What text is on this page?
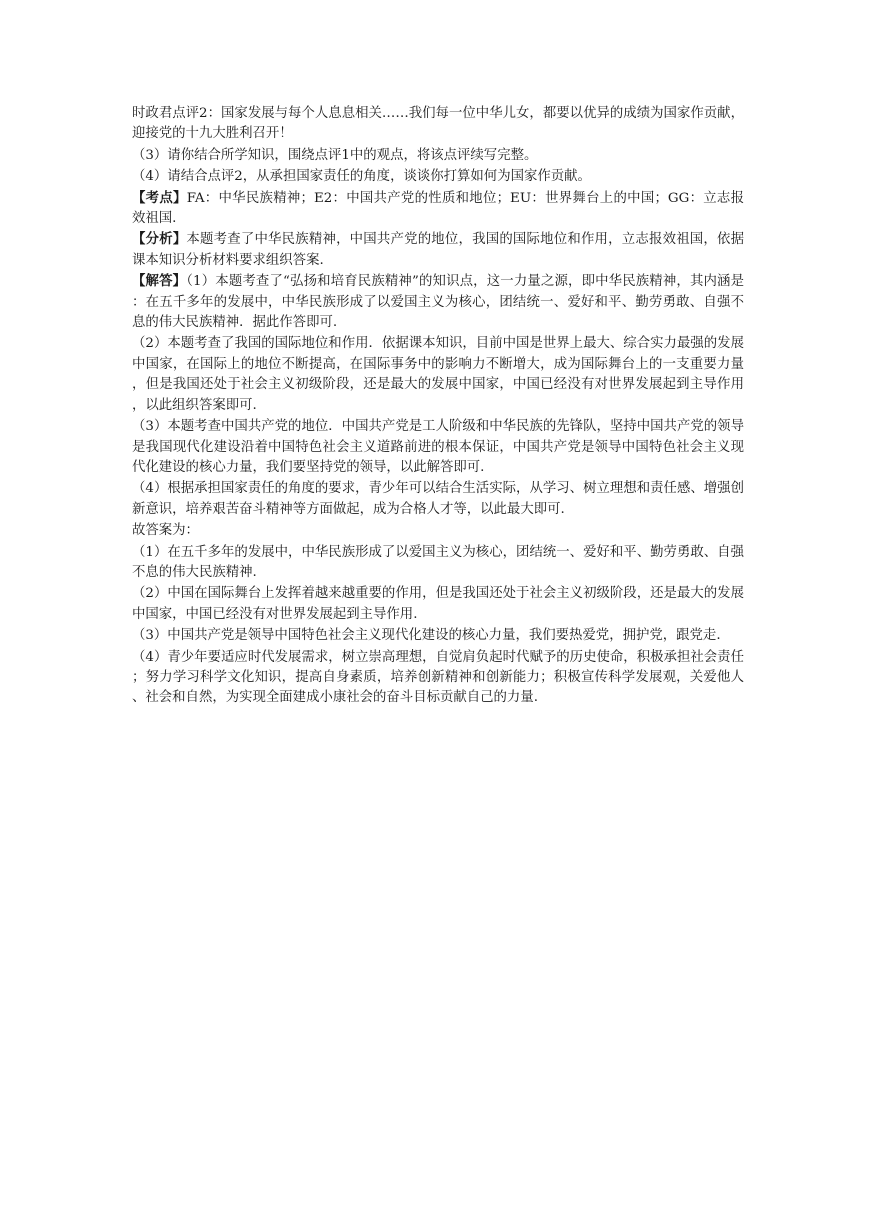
时政君点评2：国家发展与每个人息息相关……我们每一位中华儿女，都要以优异的成绩为国家作贡献，迎接党的十九大胜利召开！

（3）请你结合所学知识，围绕点评1中的观点，将该点评续写完整。

（4）请结合点评2，从承担国家责任的角度，谈谈你打算如何为国家作贡献。

【考点】FA：中华民族精神；E2：中国共产党的性质和地位；EU：世界舞台上的中国；GG：立志报效祖国.

【分析】本题考查了中华民族精神，中国共产党的地位，我国的国际地位和作用，立志报效祖国，依据课本知识分析材料要求组织答案.

【解答】（1）本题考查了“弘扬和培育民族精神”的知识点，这一力量之源，即中华民族精神，其内涵是：在五千多年的发展中，中华民族形成了以爱国主义为核心，团结统一、爱好和平、勤劳勇敢、自强不息的伟大民族精神．据此作答即可.

（2）本题考查了我国的国际地位和作用．依据课本知识，目前中国是世界上最大、综合实力最强的发展中国家，在国际上的地位不断提高，在国际事务中的影响力不断增大，成为国际舞台上的一支重要力量，但是我国还处于社会主义初级阶段，还是最大的发展中国家，中国已经没有对世界发展起到主导作用，以此组织答案即可.

（3）本题考查中国共产党的地位．中国共产党是工人阶级和中华民族的先锋队，坚持中国共产党的领导是我国现代化建设沿着中国特色社会主义道路前进的根本保证，中国共产党是领导中国特色社会主义现代化建设的核心力量，我们要坚持党的领导，以此解答即可.

（4）根据承担国家责任的角度的要求，青少年可以结合生活实际，从学习、树立理想和责任感、增强创新意识，培养艰苦奋斗精神等方面做起，成为合格人才等，以此最大即可.

故答案为：

（1）在五千多年的发展中，中华民族形成了以爱国主义为核心，团结统一、爱好和平、勤劳勇敢、自强不息的伟大民族精神.

（2）中国在国际舞台上发挥着越来越重要的作用，但是我国还处于社会主义初级阶段，还是最大的发展中国家，中国已经没有对世界发展起到主导作用.

（3）中国共产党是领导中国特色社会主义现代化建设的核心力量，我们要热爱党，拥护党，跟党走.

（4）青少年要适应时代发展需求，树立崇高理想，自觉肩负起时代赋予的历史使命，积极承担社会责任；努力学习科学文化知识，提高自身素质，培养创新精神和创新能力；积极宣传科学发展观，关爱他人、社会和自然，为实现全面建成小康社会的奋斗目标贡献自己的力量.
